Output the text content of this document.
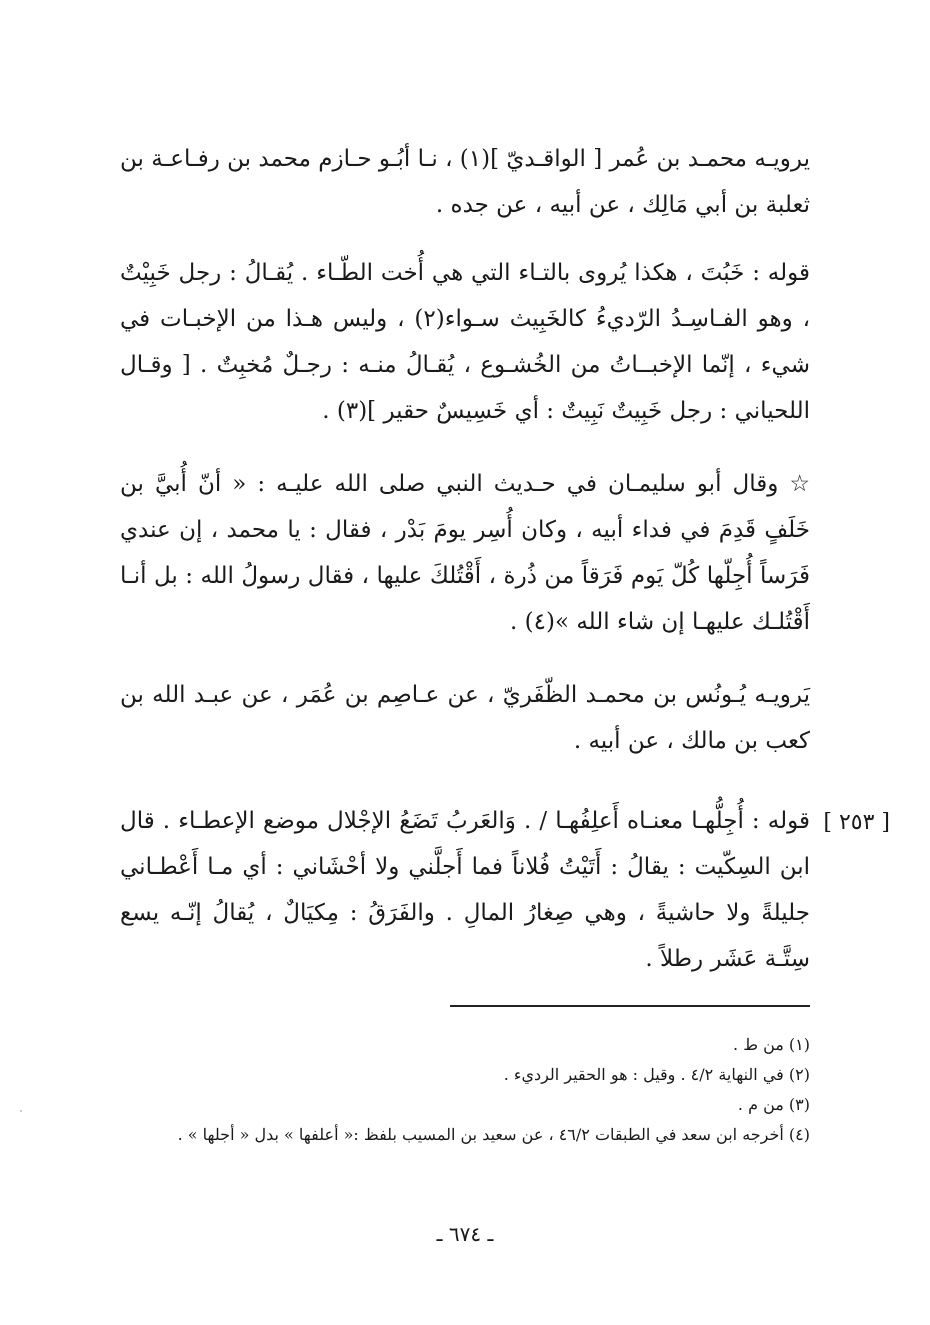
يرويـه محمـد بن عُمر [ الواقـديّ ](١) ، نـا أبُـو حـازم محمد بن رفـاعـة بن ثعلبة بن أبي مَالِك ، عن أبيه ، عن جده .

قوله : خَبُتَ ، هكذا يُروى بالتـاء التي هي أُخت الطّـاء . يُقـالُ : رجل خَبِيْتٌ ، وهو الفـاسِـدُ الرّديءُ كالخَبِيث سـواء(٢) ، وليس هـذا من الإخبـات في شيء ، إنّما الإخبــاتُ من الخُشـوع ، يُقـالُ منـه : رجـلٌ مُخبِتٌ . [ وقـال اللحياني : رجل خَبِيتٌ نَبِيتٌ : أي خَسِيسٌ حقير ](٣) .

☆ وقال أبو سليمـان في حـديث النبي صلى الله عليـه : « أنّ أُبيَّ بن خَلَفٍ قَدِمَ في فداء أبيه ، وكان أُسِر يومَ بَدْر ، فقال : يا محمد ، إن عندي فَرَساً أُجِلّها كُلّ يَوم فَرَقاً من ذُرة ، أَقْتُلكَ عليها ، فقال رسولُ الله : بل أنـا أَقْتُلـك عليهـا إن شاء الله »(٤) .

يَرويـه يُـونُس بن محمـد الظّفَريّ ، عن عـاصِم بن عُمَر ، عن عبـد الله بن كعب بن مالك ، عن أبيه .

قوله : أُجِلُّهـا معنـاه أَعلِفُهـا / . وَالعَربُ تَضَعُ الإجْلال موضع الإعطـاء . قال ابن السِكّيت : يقالُ : أَتَيْتُ فُلاناً فما أَجلَّني ولا أحْشَاني : أي مـا أَعْطـاني جليلةً ولا حاشيةً ، وهي صِغارُ المالِ . والفَرَقُ : مِكيَالٌ ، يُقالُ إنّـه يسع سِتَّـة عَشَر رطلاً .

[ ٢٥٣ ]

(١) من ط .

(٢) في النهاية ٤/٢ . وقيل : هو الحقير الرديء .

(٣) من م .

(٤) أخرجه ابن سعد في الطبقات ٤٦/٢ ، عن سعيد بن المسيب بلفظ :« أعلفها » بدل « أجلها » .

ـ ٦٧٤ ـ
